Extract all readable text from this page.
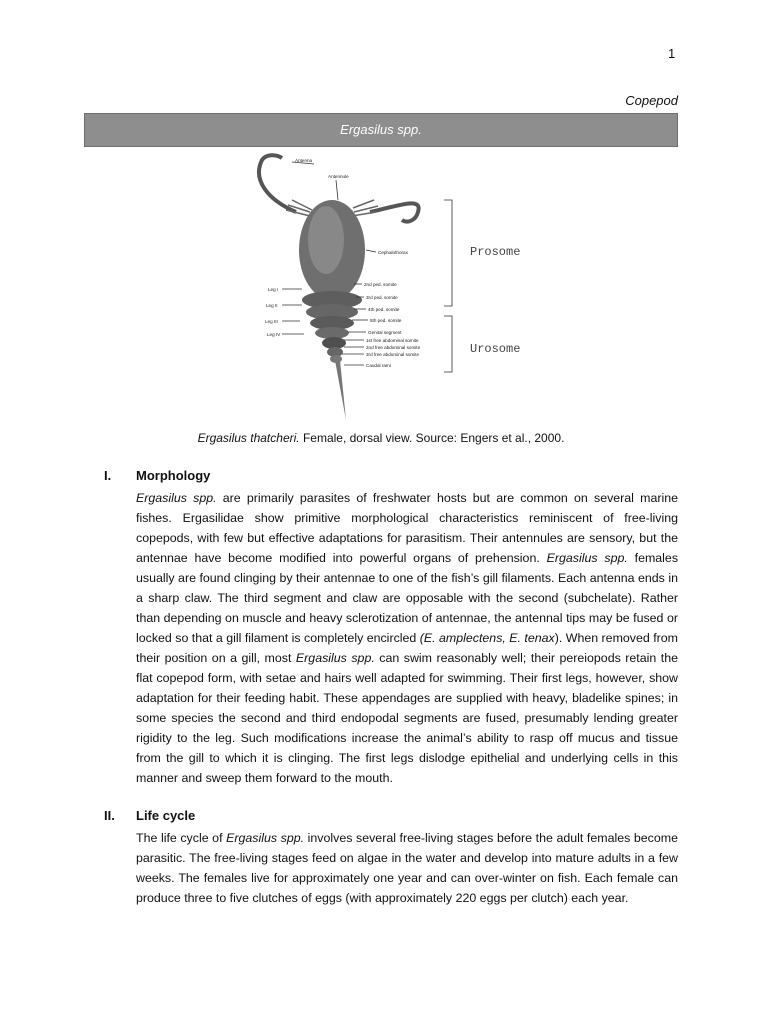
1
Copepod
Ergasilus spp.
Antenna
Antennule
Cephalothorax
2nd ped. somite
3rd ped. somite
4th ped. somite
5th ped. somite
Genital segment
1st free abdominal somite
2nd free abdominal somite
3rd free abdominal somite
Caudal rami
Leg I
Leg II
Leg III
Leg IV
Prosome
Urosome
Ergasilus thatcheri. Female, dorsal view. Source: Engers et al., 2000.
I. Morphology

Ergasilus spp. are primarily parasites of freshwater hosts but are common on several marine fishes. Ergasilidae show primitive morphological characteristics reminiscent of free-living copepods, with few but effective adaptations for parasitism. Their antennules are sensory, but the antennae have become modified into powerful organs of prehension. Ergasilus spp. females usually are found clinging by their antennae to one of the fish’s gill filaments. Each antenna ends in a sharp claw. The third segment and claw are opposable with the second (subchelate). Rather than depending on muscle and heavy sclerotization of antennae, the antennal tips may be fused or locked so that a gill filament is completely encircled (E. amplectens, E. tenax). When removed from their position on a gill, most Ergasilus spp. can swim reasonably well; their pereiopods retain the flat copepod form, with setae and hairs well adapted for swimming. Their first legs, however, show adaptation for their feeding habit. These appendages are supplied with heavy, bladelike spines; in some species the second and third endopodal segments are fused, presumably lending greater rigidity to the leg. Such modifications increase the animal’s ability to rasp off mucus and tissue from the gill to which it is clinging. The first legs dislodge epithelial and underlying cells in this manner and sweep them forward to the mouth.

II. Life cycle

The life cycle of Ergasilus spp. involves several free-living stages before the adult females become parasitic. The free-living stages feed on algae in the water and develop into mature adults in a few weeks. The females live for approximately one year and can over-winter on fish. Each female can produce three to five clutches of eggs (with approximately 220 eggs per clutch) each year.
